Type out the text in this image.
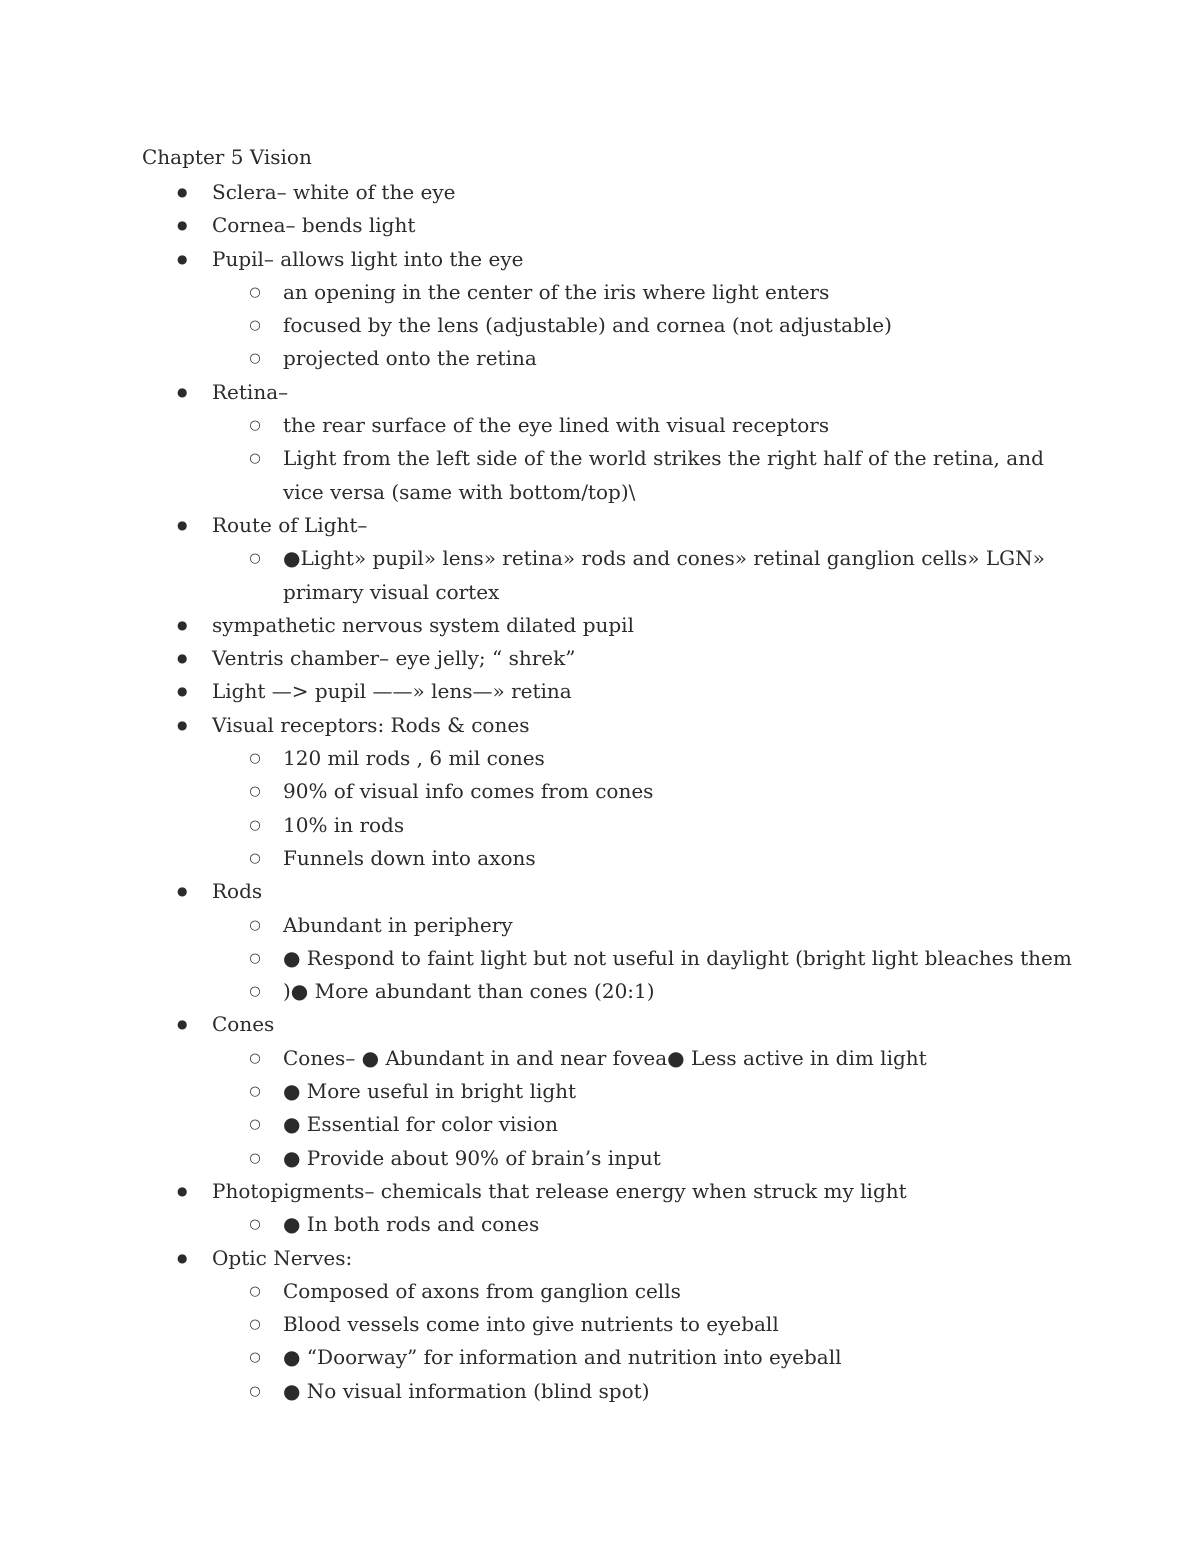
Chapter 5 Vision
● Sclera– white of the eye
● Cornea– bends light
● Pupil– allows light into the eye
○ an opening in the center of the iris where light enters
○ focused by the lens (adjustable) and cornea (not adjustable)
○ projected onto the retina
● Retina–
○ the rear surface of the eye lined with visual receptors
○ Light from the left side of the world strikes the right half of the retina, and vice versa (same with bottom/top)\
● Route of Light–
○ ●Light» pupil» lens» retina» rods and cones» retinal ganglion cells» LGN» primary visual cortex
● sympathetic nervous system dilated pupil
● Ventris chamber– eye jelly; “ shrek”
● Light —> pupil ——» lens—» retina
● Visual receptors: Rods & cones
○ 120 mil rods , 6 mil cones
○ 90% of visual info comes from cones
○ 10% in rods
○ Funnels down into axons
● Rods
○ Abundant in periphery
○ ● Respond to faint light but not useful in daylight (bright light bleaches them
○ )● More abundant than cones (20:1)
● Cones
○ Cones– ● Abundant in and near fovea● Less active in dim light
○ ● More useful in bright light
○ ● Essential for color vision
○ ● Provide about 90% of brain’s input
● Photopigments– chemicals that release energy when struck my light
○ ● In both rods and cones
● Optic Nerves:
○ Composed of axons from ganglion cells
○ Blood vessels come into give nutrients to eyeball
○ ● “Doorway” for information and nutrition into eyeball
○ ● No visual information (blind spot)
